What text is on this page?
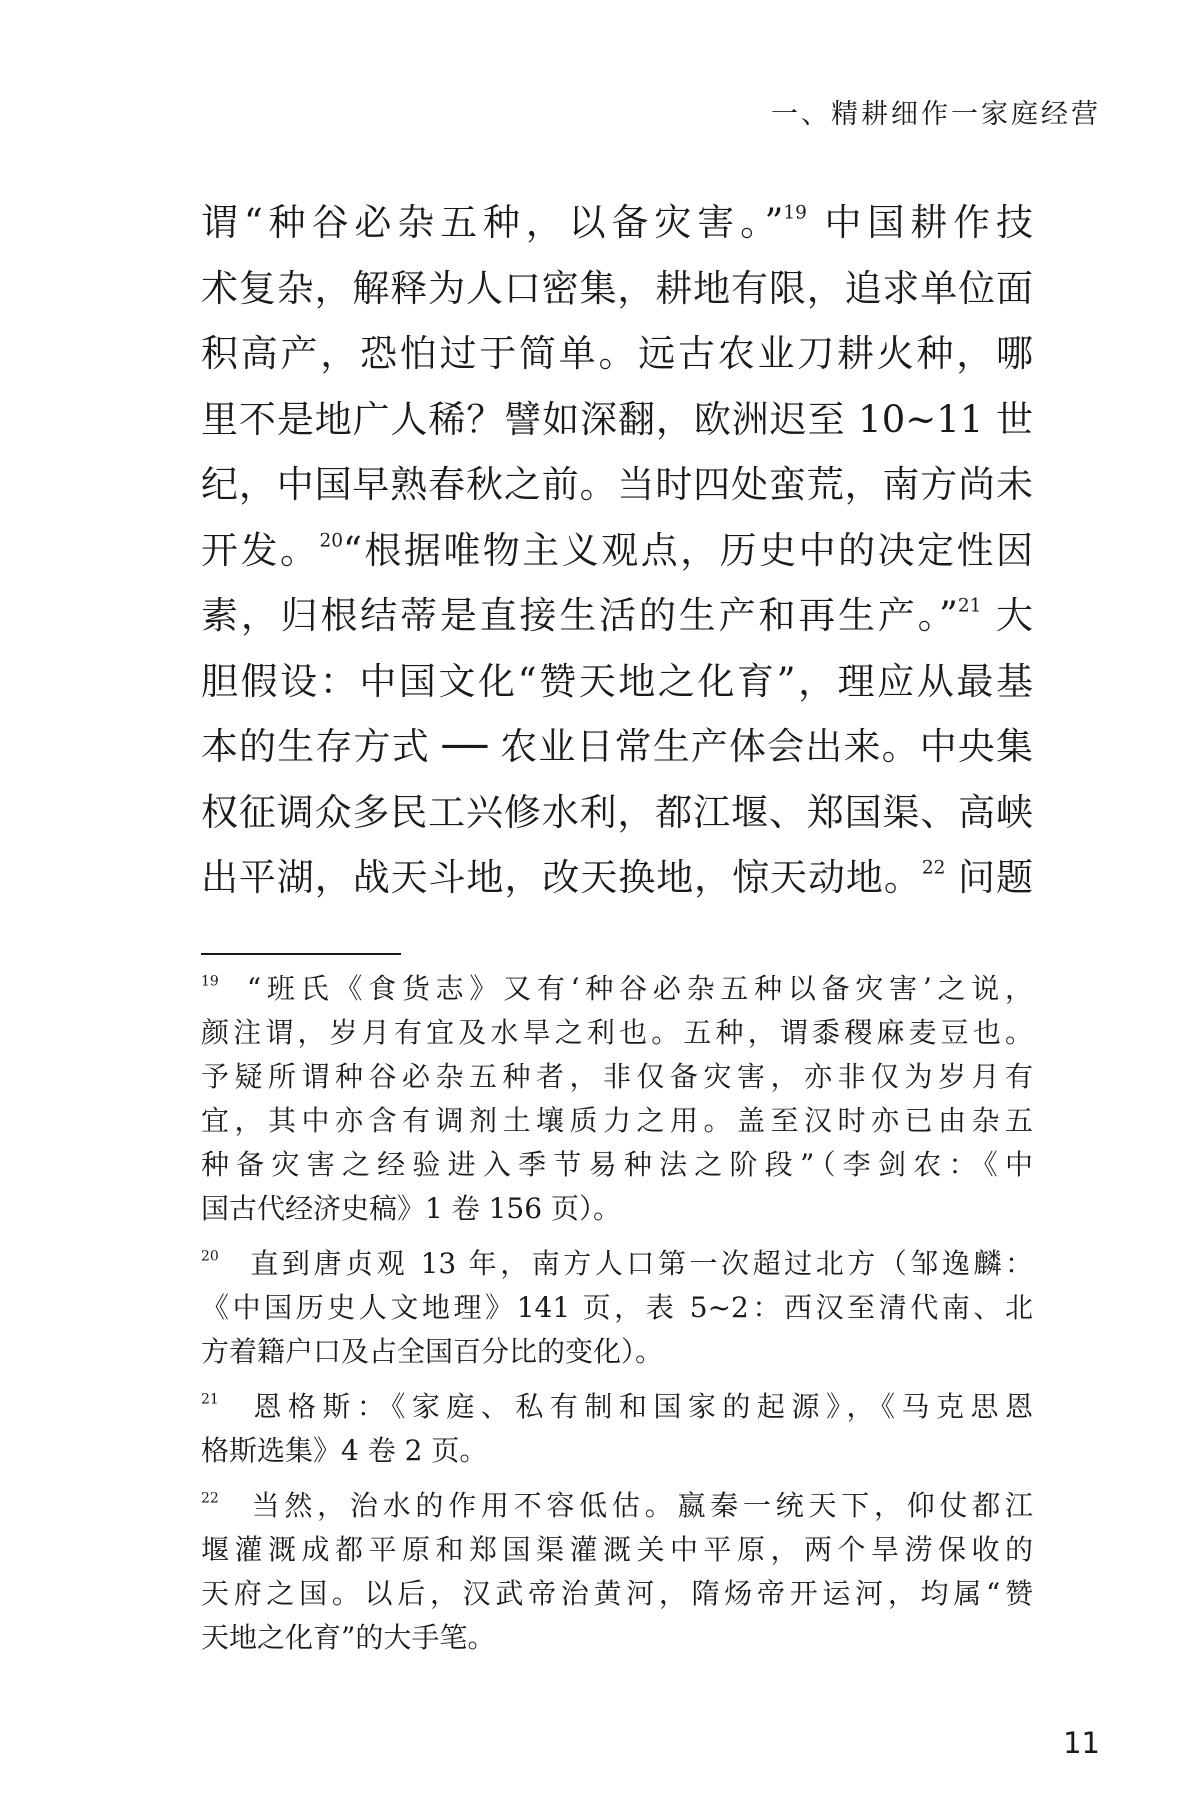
一、精耕细作一家庭经营
谓“种谷必杂五种，以备灾害。”$^{19}$ 中国耕作技
术复杂，解释为人口密集，耕地有限，追求单位面
积高产，恐怕过于简单。远古农业刀耕火种，哪
里不是地广人稀？譬如深翻，欧洲迟至 10~11 世
纪，中国早熟春秋之前。当时四处蛮荒，南方尚未
开发。$^{20}$“根据唯物主义观点，历史中的决定性因
素，归根结蒂是直接生活的生产和再生产。”$^{21}$ 大
胆假设：中国文化“赞天地之化育”，理应从最基
本的生存方式 ── 农业日常生产体会出来。中央集
权征调众多民工兴修水利，都江堰、郑国渠、高峡
出平湖，战天斗地，改天换地，惊天动地。$^{22}$ 问题
$^{19}$  “班氏《食货志》又有‘种谷必杂五种以备灾害’之说，
颜注谓，岁月有宜及水旱之利也。五种，谓黍稷麻麦豆也。
予疑所谓种谷必杂五种者，非仅备灾害，亦非仅为岁月有
宜，其中亦含有调剂土壤质力之用。盖至汉时亦已由杂五
种备灾害之经验进入季节易种法之阶段”（李剑农：《中
国古代经济史稿》1 卷 156 页）。
$^{20}$  直到唐贞观 13 年，南方人口第一次超过北方（邹逸麟：
《中国历史人文地理》141 页，表 5~2：西汉至清代南、北
方着籍户口及占全国百分比的变化）。
$^{21}$  恩格斯：《家庭、私有制和国家的起源》，《马克思恩
格斯选集》4 卷 2 页。
$^{22}$  当然，治水的作用不容低估。嬴秦一统天下，仰仗都江
堰灌溉成都平原和郑国渠灌溉关中平原，两个旱涝保收的
天府之国。以后，汉武帝治黄河，隋炀帝开运河，均属“赞
天地之化育”的大手笔。
11
